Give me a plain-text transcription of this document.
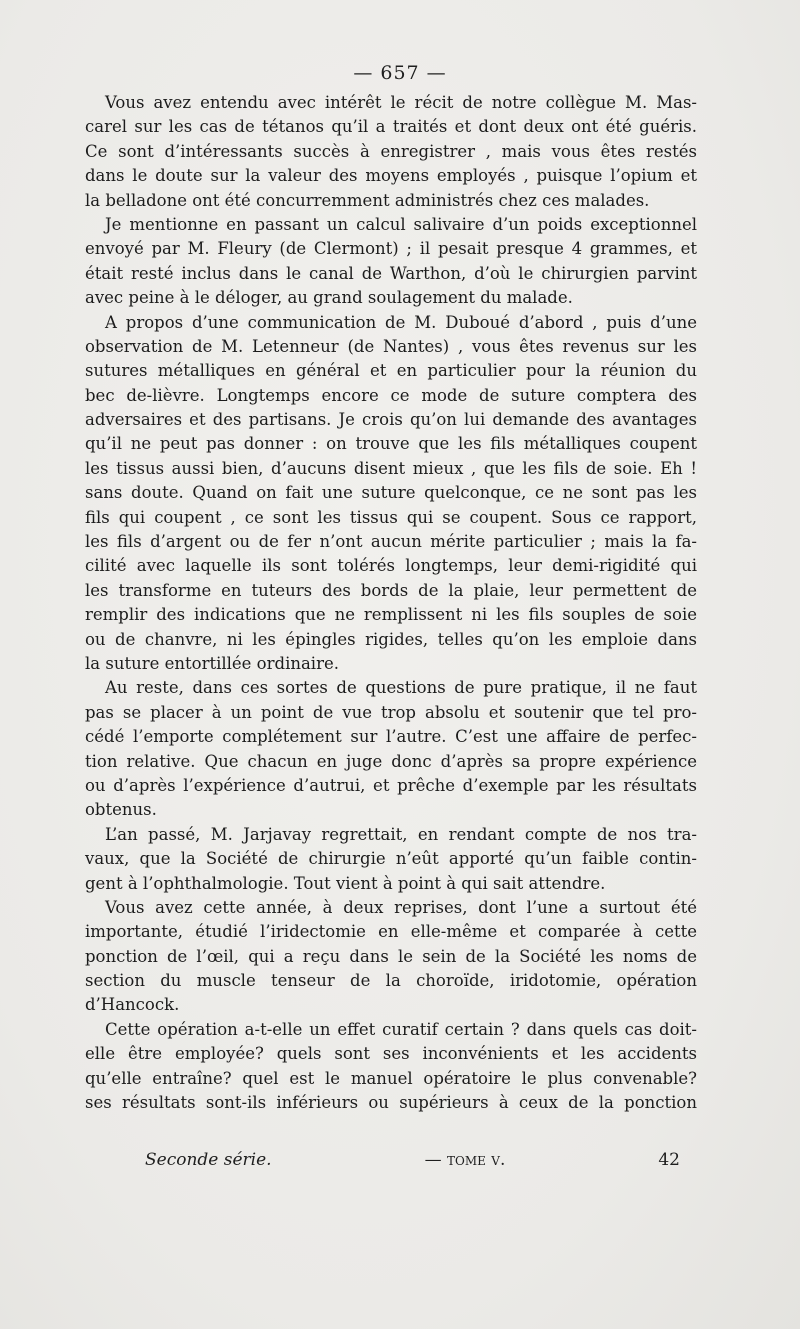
— 657 —
Vous avez entendu avec intérêt le récit de notre collègue M. Mas-
carel sur les cas de tétanos qu’il a traités et dont deux ont été guéris.
Ce sont d’intéressants succès à enregistrer , mais vous êtes restés
dans le doute sur la valeur des moyens employés , puisque l’opium et
la belladone ont été concurremment administrés chez ces malades.
Je mentionne en passant un calcul salivaire d’un poids exceptionnel
envoyé par M. Fleury (de Clermont) ; il pesait presque 4 grammes, et
était resté inclus dans le canal de Warthon, d’où le chirurgien parvint
avec peine à le déloger, au grand soulagement du malade.
A propos d’une communication de M. Duboué d’abord , puis d’une
observation de M. Letenneur (de Nantes) , vous êtes revenus sur les
sutures métalliques en général et en particulier pour la réunion du
bec de-lièvre. Longtemps encore ce mode de suture comptera des
adversaires et des partisans. Je crois qu’on lui demande des avantages
qu’il ne peut pas donner : on trouve que les fils métalliques coupent
les tissus aussi bien, d’aucuns disent mieux , que les fils de soie. Eh !
sans doute. Quand on fait une suture quelconque, ce ne sont pas les
fils qui coupent , ce sont les tissus qui se coupent. Sous ce rapport,
les fils d’argent ou de fer n’ont aucun mérite particulier ; mais la fa-
cilité avec laquelle ils sont tolérés longtemps, leur demi-rigidité qui
les transforme en tuteurs des bords de la plaie, leur permettent de
remplir des indications que ne remplissent ni les fils souples de soie
ou de chanvre, ni les épingles rigides, telles qu’on les emploie dans
la suture entortillée ordinaire.
Au reste, dans ces sortes de questions de pure pratique, il ne faut
pas se placer à un point de vue trop absolu et soutenir que tel pro-
cédé l’emporte complétement sur l’autre. C’est une affaire de perfec-
tion relative. Que chacun en juge donc d’après sa propre expérience
ou d’après l’expérience d’autrui, et prêche d’exemple par les résultats
obtenus.
L’an passé, M. Jarjavay regrettait, en rendant compte de nos tra-
vaux, que la Société de chirurgie n’eût apporté qu’un faible contin-
gent à l’ophthalmologie. Tout vient à point à qui sait attendre.
Vous avez cette année, à deux reprises, dont l’une a surtout été
importante, étudié l’iridectomie en elle-même et comparée à cette
ponction de l’œil, qui a reçu dans le sein de la Société les noms de
section du muscle tenseur de la choroïde, iridotomie, opération
d’Hancock.
Cette opération a-t-elle un effet curatif certain ? dans quels cas doit-
elle être employée? quels sont ses inconvénients et les accidents
qu’elle entraîne? quel est le manuel opératoire le plus convenable?
ses résultats sont-ils inférieurs ou supérieurs à ceux de la ponction
Seconde série.	— tome v.	42
